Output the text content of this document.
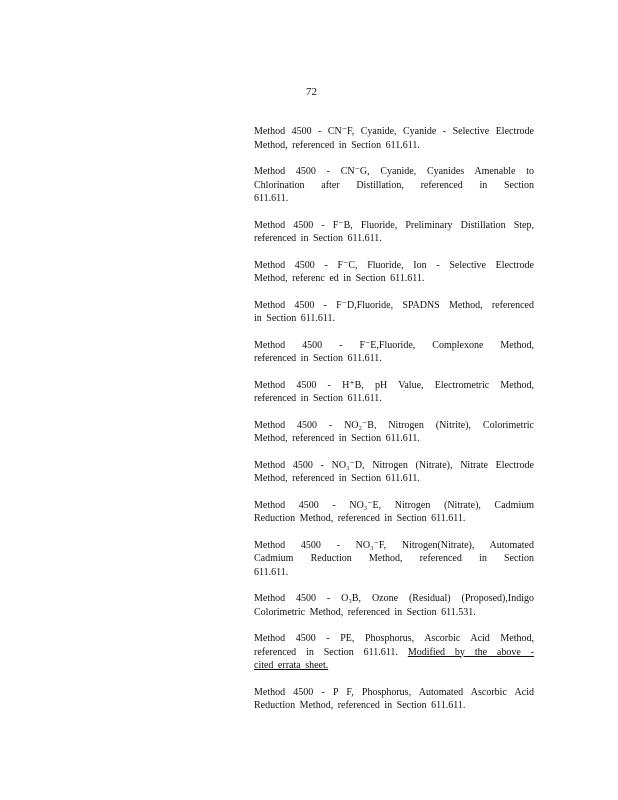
72

Method 4500 - CN⁻F, Cyanide, Cyanide - Selective Electrode
Method, referenced in Section 611.611.

Method 4500 - CN⁻G, Cyanide, Cyanides Amenable to
Chlorination after Distillation, referenced in Section
611.611.

Method 4500 - F⁻B, Fluoride, Preliminary Distillation Step,
referenced in Section 611.611.

Method 4500 - F⁻C, Fluoride, Ion - Selective Electrode
Method, referenc ed in Section 611.611.

Method 4500 - F⁻D,Fluoride, SPADNS Method, referenced
in Section 611.611.

Method 4500 - F⁻E,Fluoride, Complexone Method,
referenced in Section 611.611.

Method 4500 - H⁺B, pH Value, Electrometric Method,
referenced in Section 611.611.

Method 4500 - NO₂⁻B, Nitrogen (Nitrite), Colorimetric
Method, referenced in Section 611.611.

Method 4500 - NO₃⁻D, Nitrogen (Nitrate), Nitrate Electrode
Method, referenced in Section 611.611.

Method 4500 - NO₃⁻E, Nitrogen (Nitrate), Cadmium
Reduction Method, referenced in Section 611.611.

Method 4500 - NO₃⁻F, Nitrogen(Nitrate), Automated
Cadmium Reduction Method, referenced in Section
611.611.

Method 4500 - O₃B, Ozone (Residual) (Proposed),Indigo
Colorimetric Method, referenced in Section 611.531.

Method 4500 - PE, Phosphorus, Ascorbic Acid Method,
referenced in Section 611.611. Modified by the above -
cited errata sheet.

Method 4500 - P F, Phosphorus, Automated Ascorbic Acid
Reduction Method, referenced in Section 611.611.
